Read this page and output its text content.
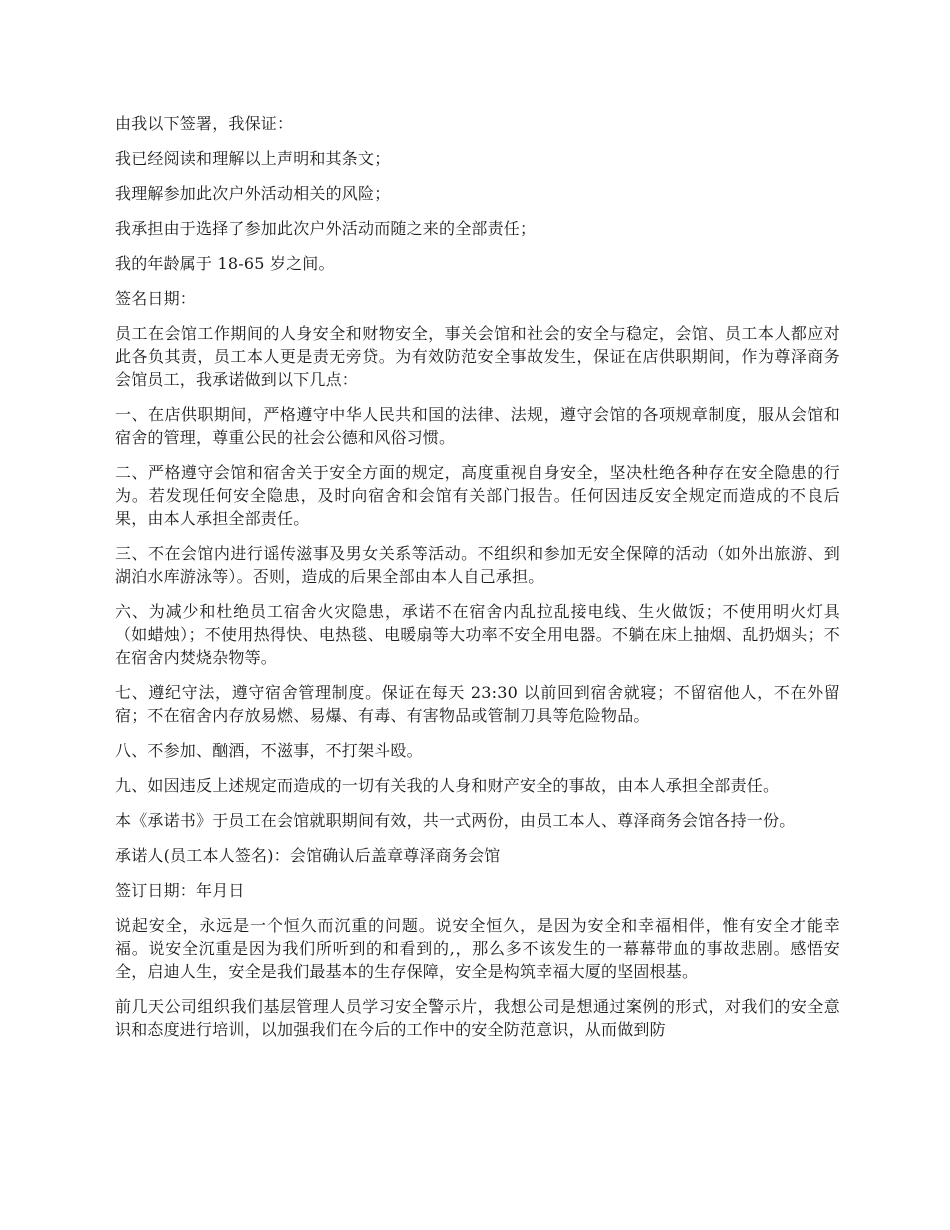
由我以下签署，我保证：

我已经阅读和理解以上声明和其条文；

我理解参加此次户外活动相关的风险；

我承担由于选择了参加此次户外活动而随之来的全部责任；

我的年龄属于 18-65 岁之间。

签名日期：

员工在会馆工作期间的人身安全和财物安全，事关会馆和社会的安全与稳定，会馆、员工本人都应对此各负其责，员工本人更是责无旁贷。为有效防范安全事故发生，保证在店供职期间，作为尊泽商务会馆员工，我承诺做到以下几点：

一、在店供职期间，严格遵守中华人民共和国的法律、法规，遵守会馆的各项规章制度，服从会馆和宿舍的管理，尊重公民的社会公德和风俗习惯。

二、严格遵守会馆和宿舍关于安全方面的规定，高度重视自身安全，坚决杜绝各种存在安全隐患的行为。若发现任何安全隐患，及时向宿舍和会馆有关部门报告。任何因违反安全规定而造成的不良后果，由本人承担全部责任。

三、不在会馆内进行谣传滋事及男女关系等活动。不组织和参加无安全保障的活动（如外出旅游、到湖泊水库游泳等）。否则，造成的后果全部由本人自己承担。

六、为减少和杜绝员工宿舍火灾隐患，承诺不在宿舍内乱拉乱接电线、生火做饭；不使用明火灯具（如蜡烛）；不使用热得快、电热毯、电暖扇等大功率不安全用电器。不躺在床上抽烟、乱扔烟头；不在宿舍内焚烧杂物等。

七、遵纪守法，遵守宿舍管理制度。保证在每天 23:30 以前回到宿舍就寝；不留宿他人，不在外留宿；不在宿舍内存放易燃、易爆、有毒、有害物品或管制刀具等危险物品。

八、不参加、酗酒，不滋事，不打架斗殴。

九、如因违反上述规定而造成的一切有关我的人身和财产安全的事故，由本人承担全部责任。

本《承诺书》于员工在会馆就职期间有效，共一式两份，由员工本人、尊泽商务会馆各持一份。

承诺人(员工本人签名)：会馆确认后盖章尊泽商务会馆

签订日期：年月日

说起安全，永远是一个恒久而沉重的问题。说安全恒久，是因为安全和幸福相伴，惟有安全才能幸福。说安全沉重是因为我们所听到的和看到的,，那么多不该发生的一幕幕带血的事故悲剧。感悟安全，启迪人生，安全是我们最基本的生存保障，安全是构筑幸福大厦的坚固根基。

前几天公司组织我们基层管理人员学习安全警示片，我想公司是想通过案例的形式，对我们的安全意识和态度进行培训，以加强我们在今后的工作中的安全防范意识，从而做到防
